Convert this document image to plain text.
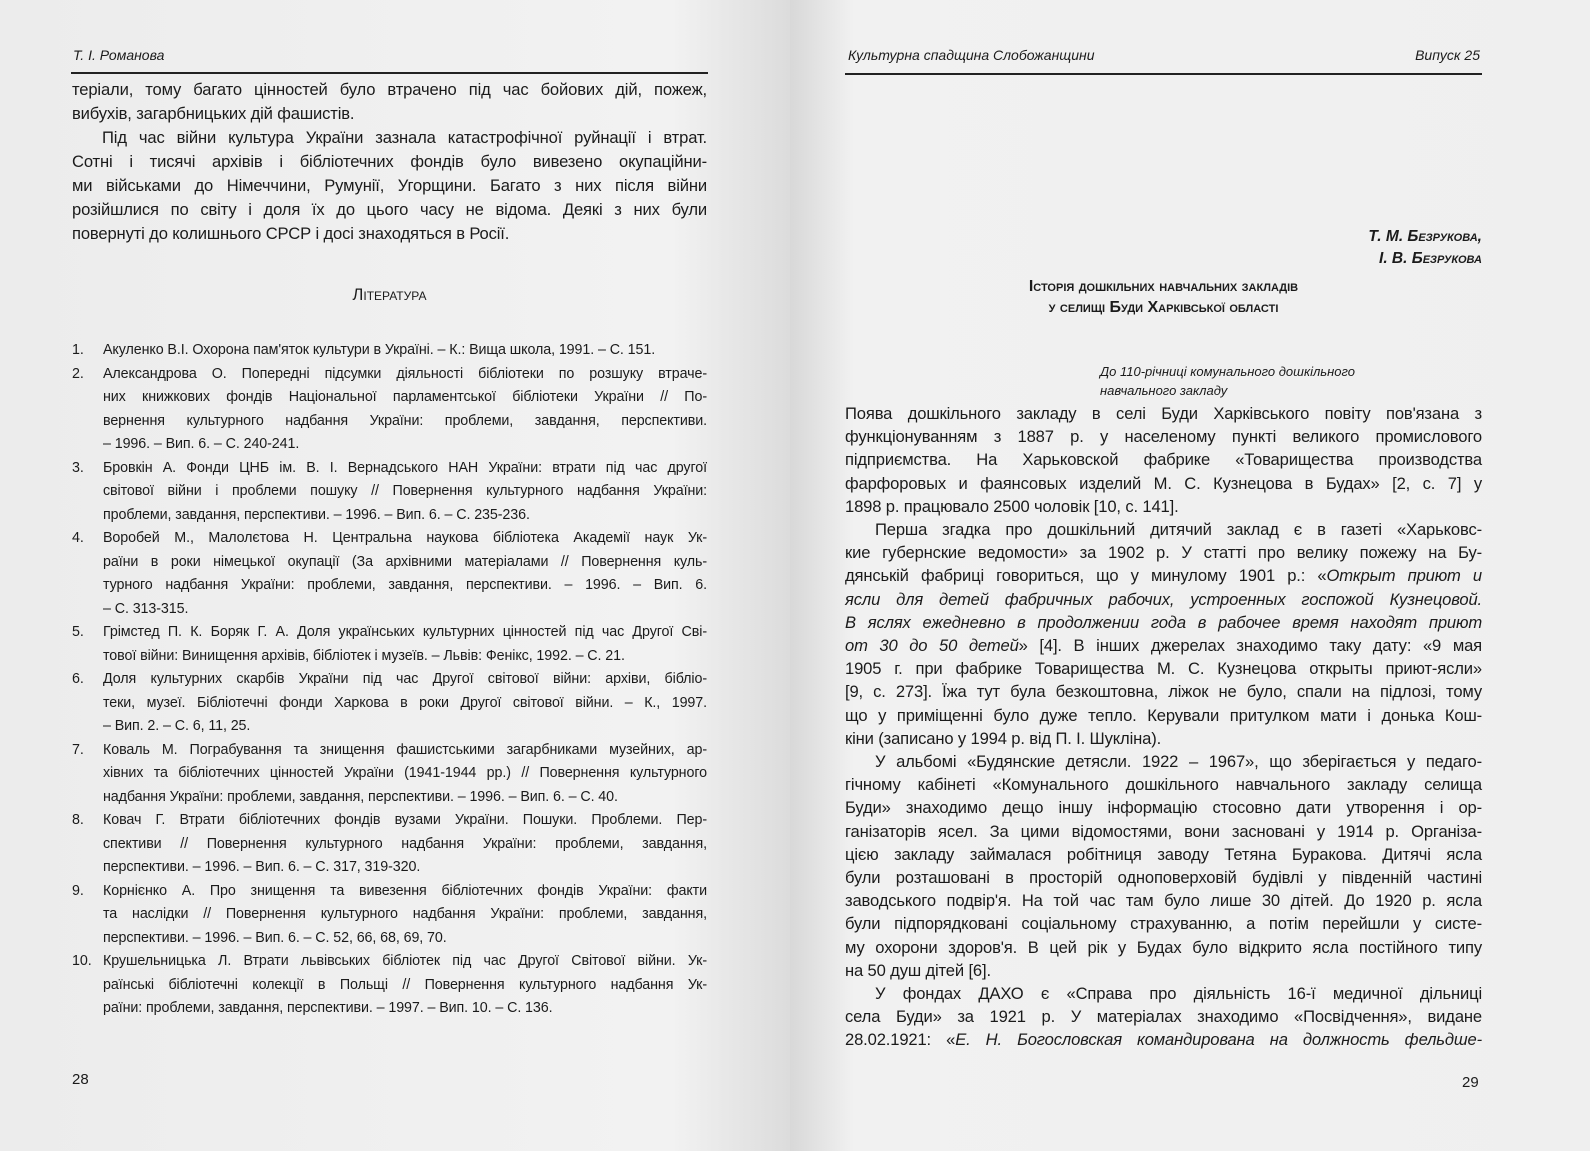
Т. І. Романова
теріали, тому багато цінностей було втрачено під час бойових дій, пожеж,
вибухів, загарбницьких дій фашистів.
Під час війни культура України зазнала катастрофічної руйнації і втрат.
Сотні і тисячі архівів і бібліотечних фондів було вивезено окупаційни-
ми військами до Німеччини, Румунії, Угорщини. Багато з них після війни
розійшлися по світу і доля їх до цього часу не відома. Деякі з них були
повернуті до колишнього СРСР і досі знаходяться в Росії.
Література
1.	Акуленко В.І. Охорона пам'яток культури в Україні. – К.: Вища школа, 1991. – С. 151.
2.	Александрова О. Попередні підсумки діяльності бібліотеки по розшуку втраче-
них книжкових фондів Національної парламентської бібліотеки України // По-
вернення культурного надбання України: проблеми, завдання, перспективи.
– 1996. – Вип. 6. – С. 240-241.
3.	Бровкін А. Фонди ЦНБ ім. В. І. Вернадського НАН України: втрати під час другої
світової війни і проблеми пошуку // Повернення культурного надбання України:
проблеми, завдання, перспективи. – 1996. – Вип. 6. – С. 235-236.
4.	Воробей М., Малолєтова Н. Центральна наукова бібліотека Академії наук Ук-
раїни в роки німецької окупації (За архівними матеріалами // Повернення куль-
турного надбання України: проблеми, завдання, перспективи. – 1996. – Вип. 6.
– С. 313-315.
5.	Грімстед П. К. Боряк Г. А. Доля українських культурних цінностей під час Другої Сві-
тової війни: Винищення архівів, бібліотек і музеїв. – Львів: Фенікс, 1992. – С. 21.
6.	Доля культурних скарбів України під час Другої світової війни: архіви, бібліо-
теки, музеї. Бібліотечні фонди Харкова в роки Другої світової війни. – К., 1997.
– Вип. 2. – С. 6, 11, 25.
7.	Коваль М. Пограбування та знищення фашистськими загарбниками музейних, ар-
хівних та бібліотечних цінностей України (1941-1944 рр.) // Повернення культурного
надбання України: проблеми, завдання, перспективи. – 1996. – Вип. 6. – С. 40.
8.	Ковач Г. Втрати бібліотечних фондів вузами України. Пошуки. Проблеми. Пер-
спективи // Повернення культурного надбання України: проблеми, завдання,
перспективи. – 1996. – Вип. 6. – С. 317, 319-320.
9.	Корнієнко А. Про знищення та вивезення бібліотечних фондів України: факти
та наслідки // Повернення культурного надбання України: проблеми, завдання,
перспективи. – 1996. – Вип. 6. – С. 52, 66, 68, 69, 70.
10. Крушельницька Л. Втрати львівських бібліотек під час Другої Світової війни. Ук-
раїнські бібліотечні колекції в Польщі // Повернення культурного надбання Ук-
раїни: проблеми, завдання, перспективи. – 1997. – Вип. 10. – С. 136.
28
Культурна спадщина Слобожанщини	Випуск 25
Т. М. Безрукова,
І. В. Безрукова
Історія дошкільних навчальних закладів
у селищі Буди Харківської області
До 110-річниці комунального дошкільного
навчального закладу
Поява дошкільного закладу в селі Буди Харківського повіту пов'язана з
функціонуванням з 1887 р. у населеному пункті великого промислового
підприємства. На Харьковской фабрике «Товарищества производства
фарфоровых и фаянсовых изделий М. С. Кузнецова в Будах» [2, с. 7] у
1898 р. працювало 2500 чоловік [10, с. 141].
Перша згадка про дошкільний дитячий заклад є в газеті «Харьковс-
кие губернские ведомости» за 1902 р. У статті про велику пожежу на Бу-
дянській фабриці говориться, що у минулому 1901 р.: «Открыт приют и
ясли для детей фабричных рабочих, устроенных госпожой Кузнецовой.
В яслях ежедневно в продолжении года в рабочее время находят приют
от 30 до 50 детей» [4]. В інших джерелах знаходимо таку дату: «9 мая
1905 г. при фабрике Товарищества М. С. Кузнецова открыты приют-ясли»
[9, с. 273]. Їжа тут була безкоштовна, ліжок не було, спали на підлозі, тому
що у приміщенні було дуже тепло. Керували притулком мати і донька Кош-
кіни (записано у 1994 р. від П. І. Шукліна).
У альбомі «Будянские детясли. 1922 – 1967», що зберігається у педаго-
гічному кабінеті «Комунального дошкільного навчального закладу селища
Буди» знаходимо дещо іншу інформацію стосовно дати утворення і ор-
ганізаторів ясел. За цими відомостями, вони засновані у 1914 р. Організа-
цією закладу займалася робітниця заводу Тетяна Буракова. Дитячі ясла
були розташовані в просторій одноповерховій будівлі у південній частині
заводського подвір'я. На той час там було лише 30 дітей. До 1920 р. ясла
були підпорядковані соціальному страхуванню, а потім перейшли у систе-
му охорони здоров'я. В цей рік у Будах було відкрито ясла постійного типу
на 50 душ дітей [6].
У фондах ДАХО є «Справа про діяльність 16-ї медичної дільниці
села Буди» за 1921 р. У матеріалах знаходимо «Посвідчення», видане
28.02.1921: «Е. Н. Богословская командирована на должность фельдше-
29
